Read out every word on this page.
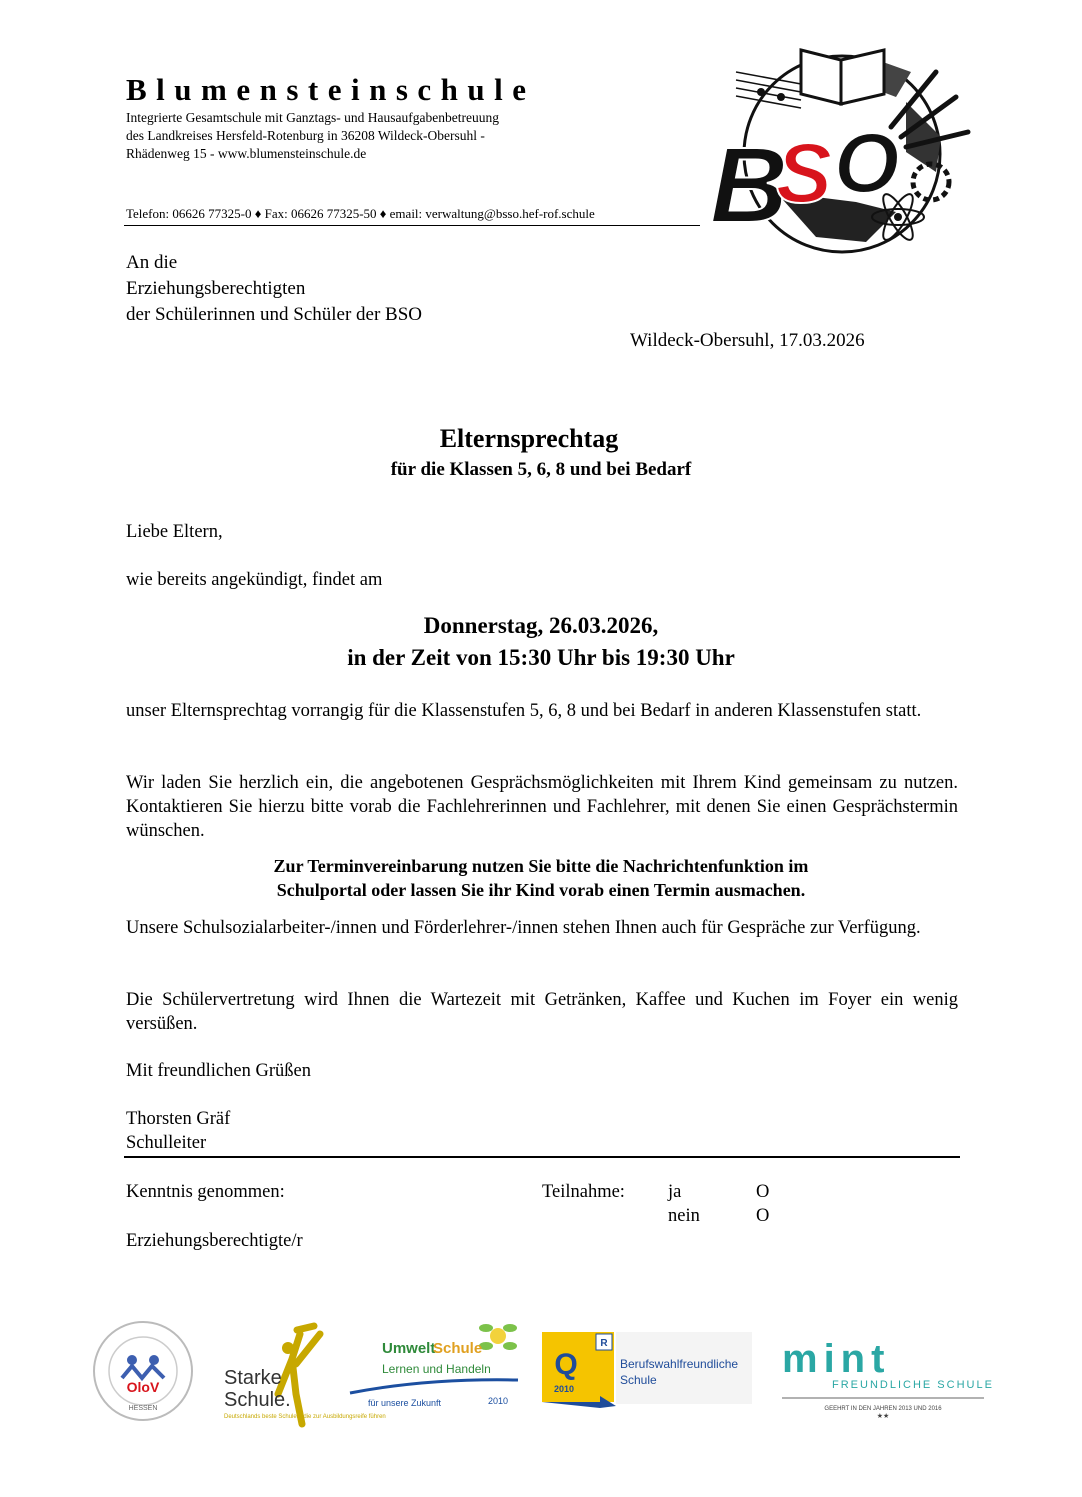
Blumensteinschule
Integrierte Gesamtschule mit Ganztags- und Hausaufgabenbetreuung
des Landkreises Hersfeld-Rotenburg in 36208 Wildeck-Obersuhl -
Rhädenweg 15 - www.blumensteinschule.de
Telefon: 06626 77325-0 ♦ Fax: 06626 77325-50 ♦ email: verwaltung@bsso.hef-rof.schule B
S O
An die
Erziehungsberechtigten
der Schülerinnen und Schüler der BSO
Wildeck-Obersuhl, 17.03.2026
Elternsprechtag
für die Klassen 5, 6, 8 und bei Bedarf
Liebe Eltern,
wie bereits angekündigt, findet am
Donnerstag, 26.03.2026,
in der Zeit von 15:30 Uhr bis 19:30 Uhr
unser Elternsprechtag vorrangig für die Klassenstufen 5, 6, 8 und bei Bedarf in anderen Klassenstufen statt.
Wir laden Sie herzlich ein, die angebotenen Gesprächsmöglichkeiten mit Ihrem Kind gemeinsam zu nutzen. Kontaktieren Sie hierzu bitte vorab die Fachlehrerinnen und Fachlehrer, mit denen Sie einen Gesprächstermin wünschen.
Zur Terminvereinbarung nutzen Sie bitte die Nachrichtenfunktion im
Schulportal oder lassen Sie ihr Kind vorab einen Termin ausmachen.
Unsere Schulsozialarbeiter-/innen und Förderlehrer-/innen stehen Ihnen auch für Gespräche zur Verfügung.
Die Schülervertretung wird Ihnen die Wartezeit mit Getränken, Kaffee und Kuchen im Foyer ein wenig versüßen.
Mit freundlichen Grüßen
Thorsten Gräf
Schulleiter
Kenntnis genommen:	Teilnahme: ja	O
nein	O
Erziehungsberechtigte/r
OloV
HESSEN
Starke
Schule.
Deutschlands beste Schulen, die zur Ausbildungsreife führen
Umwelt
Schule
Lernen und Handeln
für unsere Zukunft	2010
R
Q
2010
Berufswahlfreundliche
Schule	mint
FREUNDLICHE SCHULE
GEEHRT IN DEN JAHREN 2013 UND 2016
★★
